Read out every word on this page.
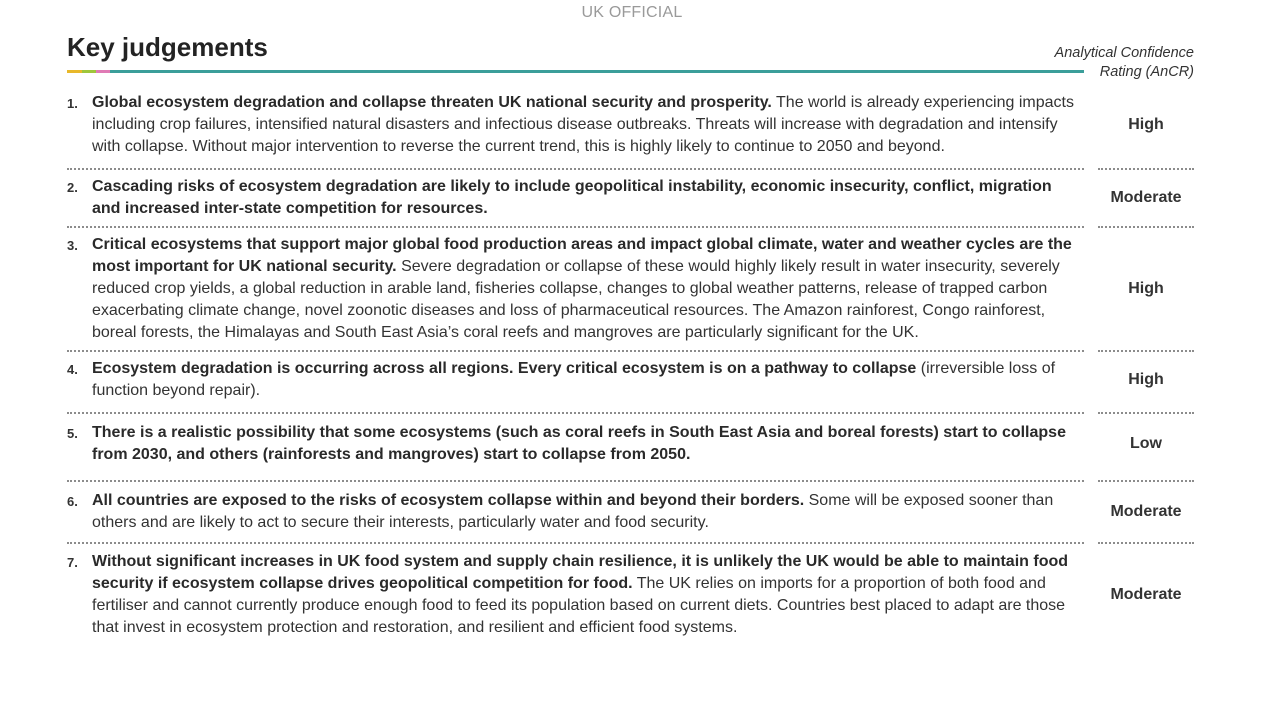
UK OFFICIAL
Key judgements	Analytical Confidence
Rating (AnCR)
1. Global ecosystem degradation and collapse threaten UK national security and prosperity. The world is already experiencing impacts including crop failures, intensified natural disasters and infectious disease outbreaks. Threats will increase with degradation and intensify with collapse. Without major intervention to reverse the current trend, this is highly likely to continue to 2050 and beyond.
High
2. Cascading risks of ecosystem degradation are likely to include geopolitical instability, economic insecurity, conflict, migration and increased inter-state competition for resources.
Moderate
3. Critical ecosystems that support major global food production areas and impact global climate, water and weather cycles are the most important for UK national security. Severe degradation or collapse of these would highly likely result in water insecurity, severely reduced crop yields, a global reduction in arable land, fisheries collapse, changes to global weather patterns, release of trapped carbon exacerbating climate change, novel zoonotic diseases and loss of pharmaceutical resources. The Amazon rainforest, Congo rainforest, boreal forests, the Himalayas and South East Asia’s coral reefs and mangroves are particularly significant for the UK.
High
4. Ecosystem degradation is occurring across all regions. Every critical ecosystem is on a pathway to collapse (irreversible loss of function beyond repair).
High
5. There is a realistic possibility that some ecosystems (such as coral reefs in South East Asia and boreal forests) start to collapse from 2030, and others (rainforests and mangroves) start to collapse from 2050.
Low
6. All countries are exposed to the risks of ecosystem collapse within and beyond their borders. Some will be exposed sooner than others and are likely to act to secure their interests, particularly water and food security.
Moderate
7. Without significant increases in UK food system and supply chain resilience, it is unlikely the UK would be able to maintain food security if ecosystem collapse drives geopolitical competition for food. The UK relies on imports for a proportion of both food and fertiliser and cannot currently produce enough food to feed its population based on current diets. Countries best placed to adapt are those that invest in ecosystem protection and restoration, and resilient and efficient food systems.
Moderate
